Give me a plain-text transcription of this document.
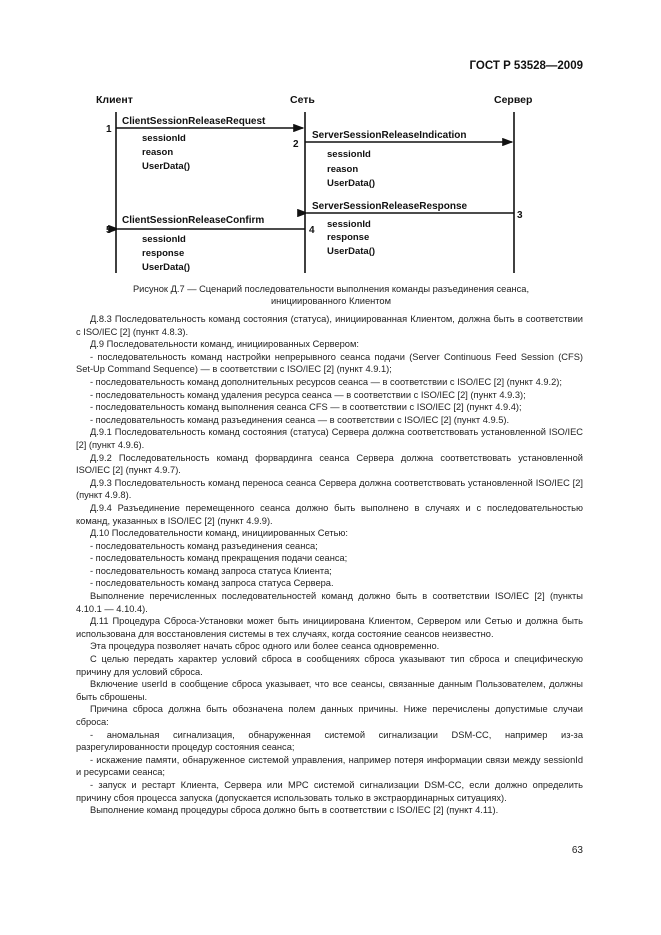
ГОСТ Р 53528—2009
Клиент	Сеть	Сервер
1
ClientSessionReleaseRequest
sessionId
reason
UserData()
2
ServerSessionReleaseIndication
sessionId
reason
UserData()
3
ServerSessionReleaseResponse
sessionId
response
UserData()
4
ClientSessionReleaseConfirm
5
sessionId
response
UserData()
Рисунок Д.7 — Сценарий последовательности выполнения команды разъединения сеанса,
инициированного Клиентом

Д.8.3 Последовательность команд состояния (статуса), инициированная Клиентом, должна быть в соответствии с ISO/IEC [2] (пункт 4.8.3).

Д.9 Последовательности команд, инициированных Сервером:

- последовательность команд настройки непрерывного сеанса подачи (Server Continuous Feed Session (CFS) Set-Up Command Sequence) — в соответствии с ISO/IEC [2] (пункт 4.9.1);

- последовательность команд дополнительных ресурсов сеанса — в соответствии с ISO/IEC [2] (пункт 4.9.2);

- последовательность команд удаления ресурса сеанса — в соответствии с ISO/IEC [2] (пункт 4.9.3);

- последовательность команд выполнения сеанса CFS — в соответствии с ISO/IEC [2] (пункт 4.9.4);

- последовательность команд разъединения сеанса — в соответствии с ISO/IEC [2] (пункт 4.9.5).

Д.9.1 Последовательность команд состояния (статуса) Сервера должна соответствовать установленной ISO/IEC [2] (пункт 4.9.6).

Д.9.2 Последовательность команд форвардинга сеанса Сервера должна соответствовать установленной ISO/IEC [2] (пункт 4.9.7).

Д.9.3 Последовательность команд переноса сеанса Сервера должна соответствовать установленной ISO/IEC [2] (пункт 4.9.8).

Д.9.4 Разъединение перемещенного сеанса должно быть выполнено в случаях и с последовательностью команд, указанных в ISO/IEC [2] (пункт 4.9.9).

Д.10 Последовательности команд, инициированных Сетью:

- последовательность команд разъединения сеанса;

- последовательность команд прекращения подачи сеанса;

- последовательность команд запроса статуса Клиента;

- последовательность команд запроса статуса Сервера.

Выполнение перечисленных последовательностей команд должно быть в соответствии ISO/IEC [2] (пункты 4.10.1 — 4.10.4).

Д.11 Процедура Сброса-Установки может быть инициирована Клиентом, Сервером или Сетью и должна быть использована для восстановления системы в тех случаях, когда состояние сеансов неизвестно.

Эта процедура позволяет начать сброс одного или более сеанса одновременно.

С целью передать характер условий сброса в сообщениях сброса указывают тип сброса и специфическую причину для условий сброса.

Включение userId в сообщение сброса указывает, что все сеансы, связанные данным Пользователем, должны быть сброшены.

Причина сброса должна быть обозначена полем данных причины. Ниже перечислены допустимые случаи сброса:

- аномальная сигнализация, обнаруженная системой сигнализации DSM-CC, например из-за разрегулированности процедур состояния сеанса;

- искажение памяти, обнаруженное системой управления, например потеря информации связи между sessionId и ресурсами сеанса;

- запуск и рестарт Клиента, Сервера или МРС системой сигнализации DSM-CC, если должно определить причину сбоя процесса запуска (допускается использовать только в экстраординарных ситуациях).

Выполнение команд процедуры сброса должно быть в соответствии с ISO/IEC [2] (пункт 4.11).

63
